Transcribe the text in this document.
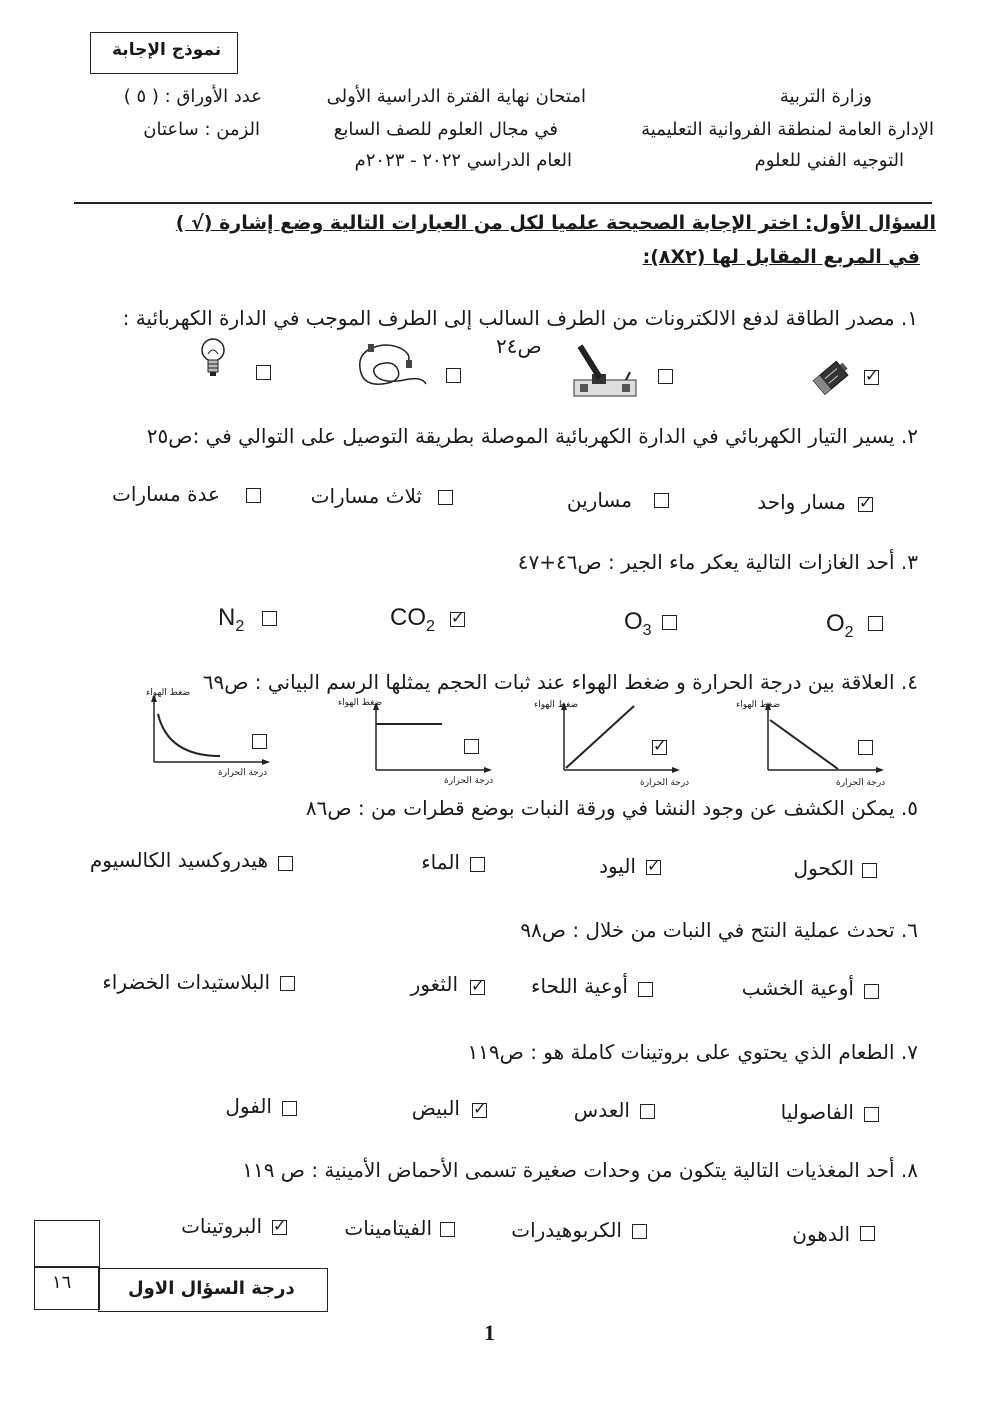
نموذج الإجابة
وزارة التربية
الإدارة العامة لمنطقة الفروانية التعليمية
التوجيه الفني للعلوم
امتحان نهاية الفترة الدراسية الأولى
في مجال العلوم للصف السابع
العام الدراسي ٢٠٢٢ - ٢٠٢٣م
عدد الأوراق : ( ٥ )
الزمن : ساعتان
السؤال الأول: اختر الإجابة الصحيحة علميا لكل من العبارات التالية وضع إشارة (√ )
في المربع المقابل لها (٨X٢):
١. مصدر الطاقة لدفع الالكترونات من الطرف السالب إلى الطرف الموجب في الدارة الكهربائية :
ص٢٤
✓
٢. يسير التيار الكهربائي في الدارة الكهربائية الموصلة بطريقة التوصيل على التوالي في :ص٢٥
✓
مسار واحد
مسارين
ثلاث مسارات
عدة مسارات
٣. أحد الغازات التالية يعكر ماء الجير : ص٤٦+٤٧
$O_2$
$O_3$
✓
$CO_2$
$N_2$
٤. العلاقة بين درجة الحرارة و ضغط الهواء عند ثبات الحجم يمثلها الرسم البياني : ص٦٩
ضغط الهواء
درجة الحرارة
ضغط الهواء
درجة الحرارة
✓
ضغط الهواء
درجة الحرارة
ضغط الهواء
درجة الحرارة
٥. يمكن الكشف عن وجود النشا في ورقة النبات بوضع قطرات من : ص٨٦
الكحول
✓
اليود
الماء
هيدروكسيد الكالسيوم
٦. تحدث عملية النتح في النبات من خلال : ص٩٨
أوعية الخشب
أوعية اللحاء
✓
الثغور
البلاستيدات الخضراء
٧. الطعام الذي يحتوي على بروتينات كاملة هو : ص١١٩
الفاصوليا
العدس
✓
البيض
الفول
٨. أحد المغذيات التالية يتكون من وحدات صغيرة تسمى الأحماض الأمينية : ص ١١٩
الدهون
الكربوهيدرات
الفيتامينات
✓
البروتينات
١٦	درجة السؤال الاول
1
